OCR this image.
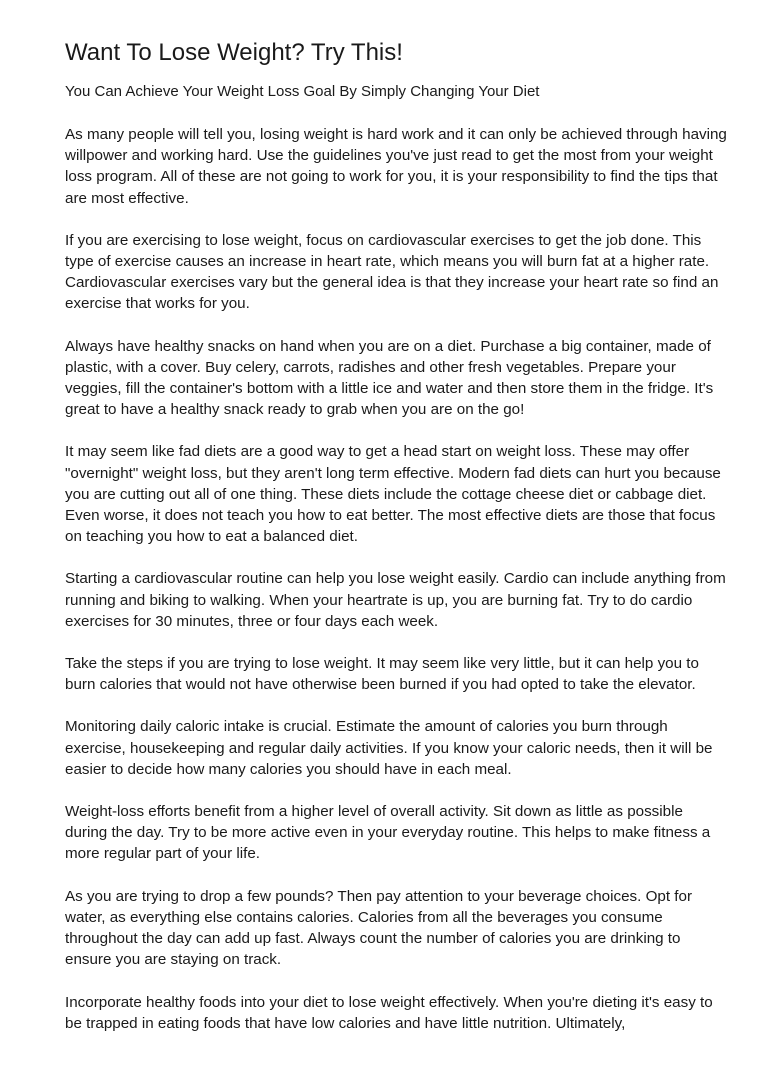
Want To Lose Weight? Try This!

You Can Achieve Your Weight Loss Goal By Simply Changing Your Diet

As many people will tell you, losing weight is hard work and it can only be achieved through having willpower and working hard. Use the guidelines you've just read to get the most from your weight loss program. All of these are not going to work for you, it is your responsibility to find the tips that are most effective.

If you are exercising to lose weight, focus on cardiovascular exercises to get the job done. This type of exercise causes an increase in heart rate, which means you will burn fat at a higher rate. Cardiovascular exercises vary but the general idea is that they increase your heart rate so find an exercise that works for you.

Always have healthy snacks on hand when you are on a diet. Purchase a big container, made of plastic, with a cover. Buy celery, carrots, radishes and other fresh vegetables. Prepare your veggies, fill the container's bottom with a little ice and water and then store them in the fridge. It's great to have a healthy snack ready to grab when you are on the go!

It may seem like fad diets are a good way to get a head start on weight loss. These may offer "overnight" weight loss, but they aren't long term effective. Modern fad diets can hurt you because you are cutting out all of one thing. These diets include the cottage cheese diet or cabbage diet. Even worse, it does not teach you how to eat better. The most effective diets are those that focus on teaching you how to eat a balanced diet.

Starting a cardiovascular routine can help you lose weight easily. Cardio can include anything from running and biking to walking. When your heartrate is up, you are burning fat. Try to do cardio exercises for 30 minutes, three or four days each week.

Take the steps if you are trying to lose weight. It may seem like very little, but it can help you to burn calories that would not have otherwise been burned if you had opted to take the elevator.

Monitoring daily caloric intake is crucial. Estimate the amount of calories you burn through exercise, housekeeping and regular daily activities. If you know your caloric needs, then it will be easier to decide how many calories you should have in each meal.

Weight-loss efforts benefit from a higher level of overall activity. Sit down as little as possible during the day. Try to be more active even in your everyday routine. This helps to make fitness a more regular part of your life.

As you are trying to drop a few pounds? Then pay attention to your beverage choices. Opt for water, as everything else contains calories. Calories from all the beverages you consume throughout the day can add up fast. Always count the number of calories you are drinking to ensure you are staying on track.

Incorporate healthy foods into your diet to lose weight effectively. When you're dieting it's easy to be trapped in eating foods that have low calories and have little nutrition. Ultimately,
